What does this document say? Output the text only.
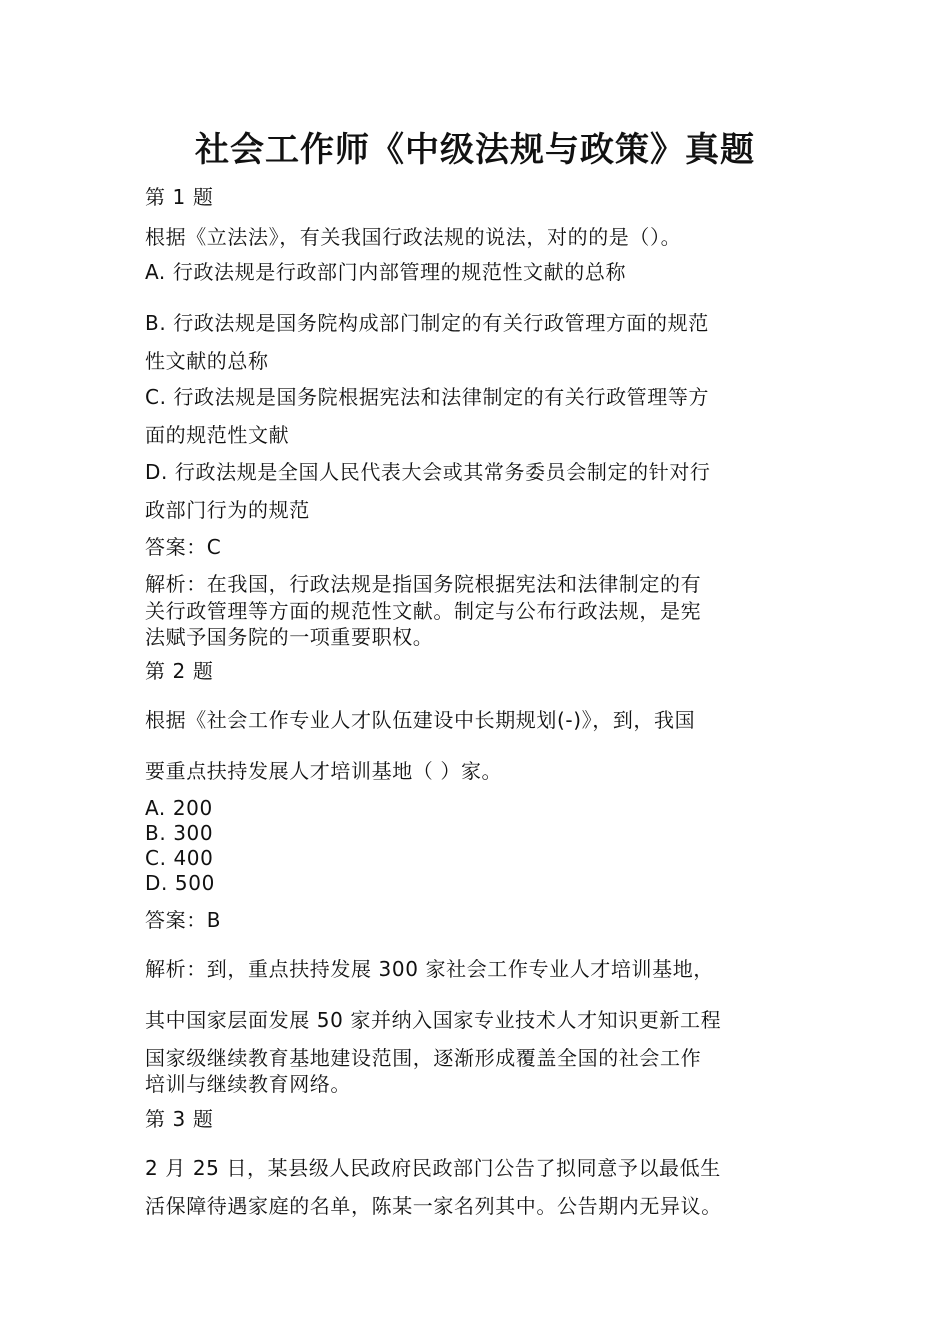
社会工作师《中级法规与政策》真题
第 1 题
根据《立法法》，有关我国行政法规的说法，对的的是（）。
A. 行政法规是行政部门内部管理的规范性文献的总称
B. 行政法规是国务院构成部门制定的有关行政管理方面的规范
性文献的总称
C. 行政法规是国务院根据宪法和法律制定的有关行政管理等方
面的规范性文献
D. 行政法规是全国人民代表大会或其常务委员会制定的针对行
政部门行为的规范
答案：C
解析：在我国，行政法规是指国务院根据宪法和法律制定的有
关行政管理等方面的规范性文献。制定与公布行政法规，是宪
法赋予国务院的一项重要职权。
第 2 题
根据《社会工作专业人才队伍建设中长期规划(-)》，到，我国
要重点扶持发展人才培训基地（ ）家。
A. 200
B. 300
C. 400
D. 500
答案：B
解析：到，重点扶持发展 300 家社会工作专业人才培训基地，
其中国家层面发展 50 家并纳入国家专业技术人才知识更新工程
国家级继续教育基地建设范围，逐渐形成覆盖全国的社会工作
培训与继续教育网络。
第 3 题
2 月 25 日，某县级人民政府民政部门公告了拟同意予以最低生
活保障待遇家庭的名单，陈某一家名列其中。公告期内无异议。
